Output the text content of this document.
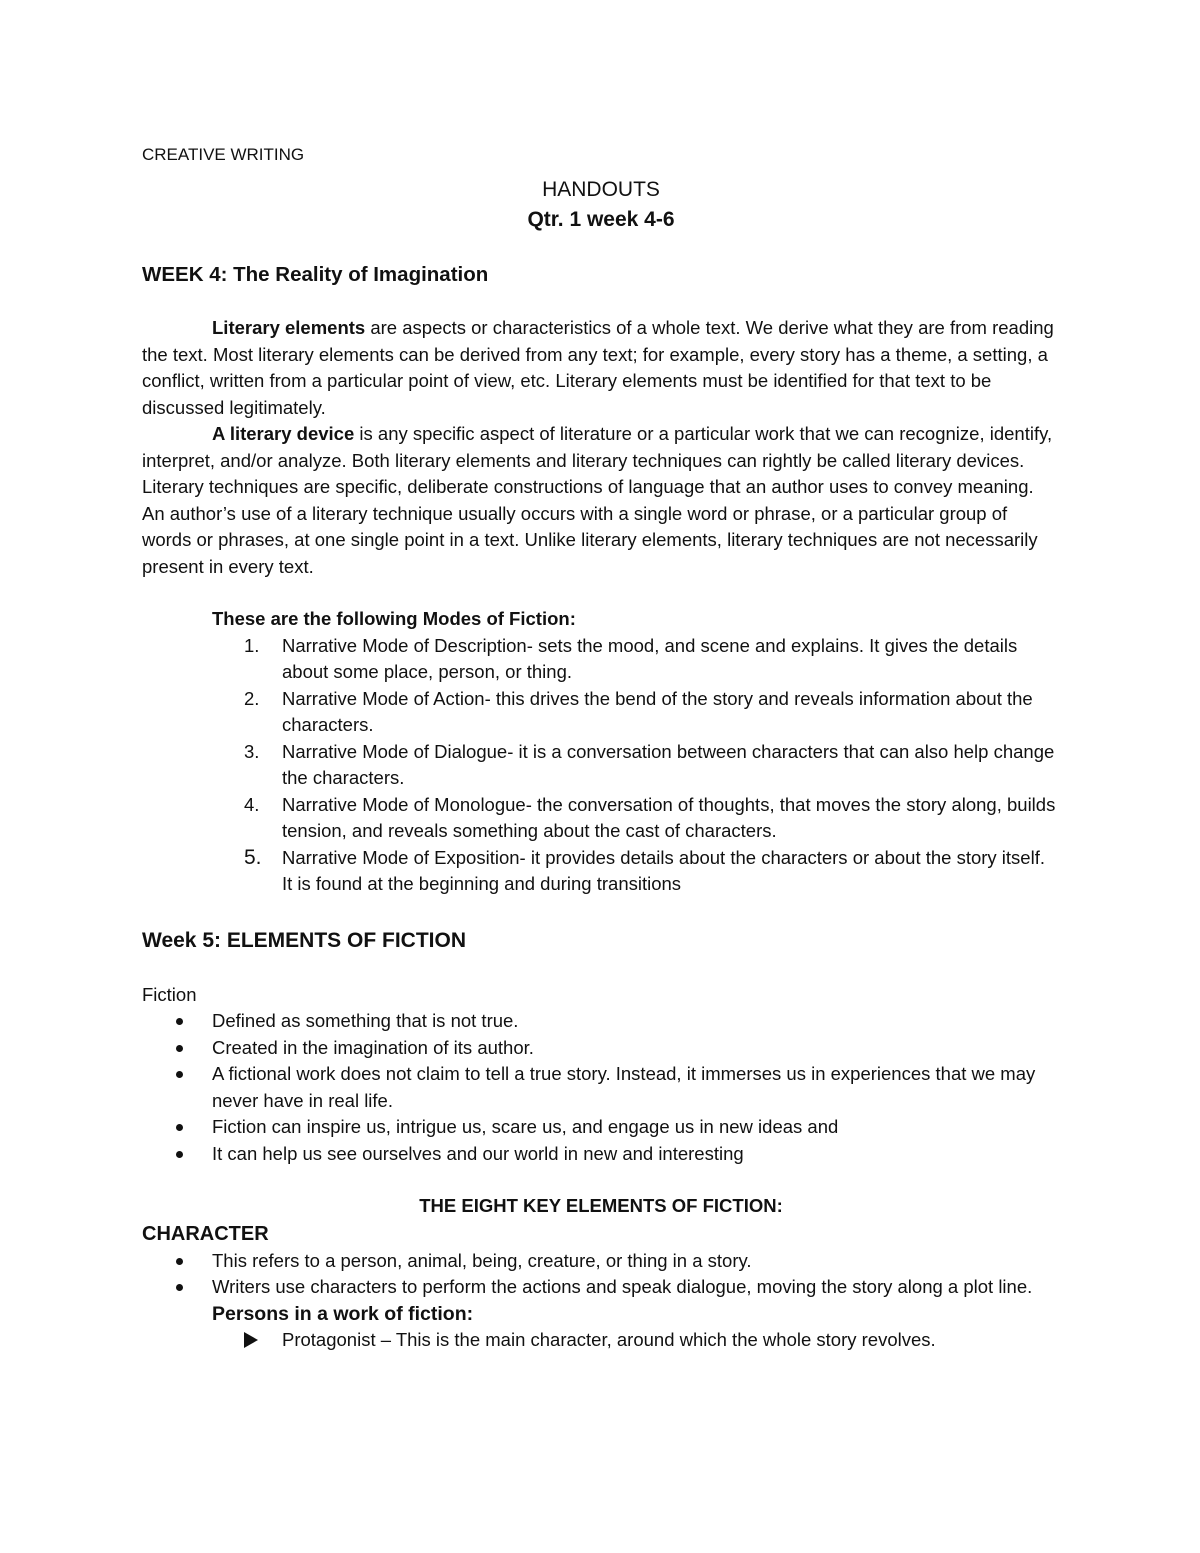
CREATIVE WRITING

HANDOUTS

Qtr. 1 week 4-6

WEEK 4: The Reality of Imagination

Literary elements are aspects or characteristics of a whole text. We derive what they are from reading the text. Most literary elements can be derived from any text; for example, every story has a theme, a setting, a conflict, written from a particular point of view, etc. Literary elements must be identified for that text to be discussed legitimately.

A literary device is any specific aspect of literature or a particular work that we can recognize, identify, interpret, and/or analyze. Both literary elements and literary techniques can rightly be called literary devices. Literary techniques are specific, deliberate constructions of language that an author uses to convey meaning. An author’s use of a literary technique usually occurs with a single word or phrase, or a particular group of words or phrases, at one single point in a text. Unlike literary elements, literary techniques are not necessarily present in every text.

These are the following Modes of Fiction:

1. Narrative Mode of Description- sets the mood, and scene and explains. It gives the details about some place, person, or thing.
2. Narrative Mode of Action- this drives the bend of the story and reveals information about the characters.
3. Narrative Mode of Dialogue- it is a conversation between characters that can also help change the characters.
4. Narrative Mode of Monologue- the conversation of thoughts, that moves the story along, builds tension, and reveals something about the cast of characters.
5. Narrative Mode of Exposition- it provides details about the characters or about the story itself. It is found at the beginning and during transitions

Week 5: ELEMENTS OF FICTION

Fiction

Defined as something that is not true.
Created in the imagination of its author.
A fictional work does not claim to tell a true story. Instead, it immerses us in experiences that we may never have in real life.
Fiction can inspire us, intrigue us, scare us, and engage us in new ideas and
It can help us see ourselves and our world in new and interesting

THE EIGHT KEY ELEMENTS OF FICTION:

CHARACTER

This refers to a person, animal, being, creature, or thing in a story.
Writers use characters to perform the actions and speak dialogue, moving the story along a plot line.

Persons in a work of fiction:

Protagonist – This is the main character, around which the whole story revolves.
